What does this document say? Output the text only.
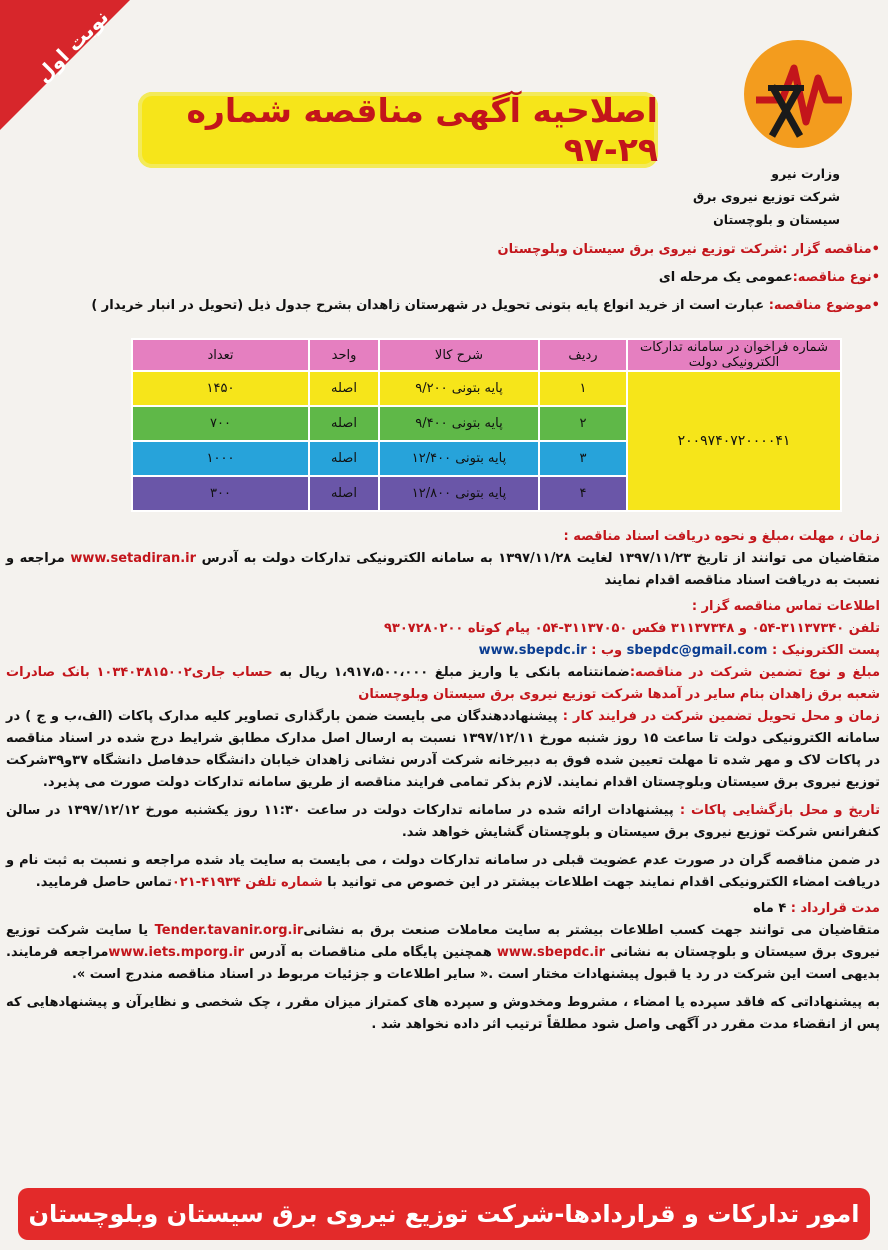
نوبت اول
اصلاحیه آگهی مناقصه شماره ۲۹-۹۷
وزارت نیرو
شرکت توزیع نیروی برق
سیستان و بلوچستان
•مناقصه گزار :شرکت توزیع نیروی برق سیستان وبلوچستان
•نوع مناقصه:عمومی یک مرحله ای
•موضوع مناقصه: عبارت است از خرید انواع پایه بتونی تحویل در شهرستان زاهدان بشرح جدول ذیل (تحویل در انبار خریدار )
شماره فراخوان در سامانه تدارکات الکترونیکی دولت	ردیف	شرح کالا	واحد	تعداد
۲۰۰۹۷۴۰۷۲۰۰۰۰۴۱	۱	پایه بتونی ۹/۲۰۰	اصله	۱۴۵۰
	۲	پایه بتونی ۹/۴۰۰	اصله	۷۰۰
	۳	پایه بتونی ۱۲/۴۰۰	اصله	۱۰۰۰
	۴	پایه بتونی ۱۲/۸۰۰	اصله	۳۰۰
زمان ، مهلت ،مبلغ و نحوه دریافت اسناد مناقصه :
متقاضیان می توانند از تاریخ ۱۳۹۷/۱۱/۲۳ لغایت ۱۳۹۷/۱۱/۲۸ به سامانه الکترونیکی تدارکات دولت به آدرس www.setadiran.ir مراجعه و نسبت به دریافت اسناد مناقصه اقدام نمایند
اطلاعات تماس مناقصه گزار :
تلفن ۳۱۱۳۷۳۴۰-۰۵۴ و ۳۱۱۳۷۳۴۸ فکس ۳۱۱۳۷۰۵۰-۰۵۴ پیام کوتاه ۹۳۰۷۲۸۰۲۰۰
پست الکترونیک : sbepdc@gmail.com وب : www.sbepdc.ir
مبلغ و نوع تضمین شرکت در مناقصه:ضمانتنامه بانکی یا واریز مبلغ ۱،۹۱۷،۵۰۰،۰۰۰ ریال به حساب جاری۱۰۳۴۰۳۸۱۵۰۰۲ بانک صادرات شعبه برق زاهدان بنام سایر در آمدها شرکت توزیع نیروی برق سیستان وبلوچستان
زمان و محل تحویل تضمین شرکت در فرایند کار : پیشنهاددهندگان می بایست ضمن بارگذاری تصاویر کلیه مدارک پاکات (الف،ب و ج ) در سامانه الکترونیکی دولت تا ساعت ۱۵ روز شنبه مورخ ۱۳۹۷/۱۲/۱۱ نسبت به ارسال اصل مدارک مطابق شرایط درج شده در اسناد مناقصه در پاکات لاک و مهر شده تا مهلت تعیین شده فوق به دبیرخانه شرکت آدرس نشانی زاهدان خیابان دانشگاه حدفاصل دانشگاه ۳۷و۳۹شرکت توزیع نیروی برق سیستان وبلوچستان اقدام نمایند. لازم بذکر تمامی فرایند مناقصه از طریق سامانه تدارکات دولت صورت می پذیرد.
تاریخ و محل بازگشایی پاکات : پیشنهادات ارائه شده در سامانه تدارکات دولت در ساعت ۱۱:۳۰ روز یکشنبه مورخ ۱۳۹۷/۱۲/۱۲ در سالن کنفرانس شرکت توزیع نیروی برق سیستان و بلوچستان گشایش خواهد شد.
در ضمن مناقصه گران در صورت عدم عضویت قبلی در سامانه تدارکات دولت ، می بایست به سایت یاد شده مراجعه و نسبت به ثبت نام و دریافت امضاء الکترونیکی اقدام نمایند جهت اطلاعات بیشتر در این خصوص می توانید با شماره تلفن ۴۱۹۳۴-۰۲۱تماس حاصل فرمایید.
مدت قرارداد : ۴ ماه
متقاضیان می توانند جهت کسب اطلاعات بیشتر به سایت معاملات صنعت برق به نشانیTender.tavanir.org.ir یا سایت شرکت توزیع نیروی برق سیستان و بلوچستان به نشانی www.sbepdc.ir همچنین پایگاه ملی مناقصات به آدرس www.iets.mporg.irمراجعه فرمایند. بدیهی است این شرکت در رد یا قبول پیشنهادات مختار است .« سایر اطلاعات و جزئیات مربوط در اسناد مناقصه مندرج است ».
به پیشنهاداتی که فاقد سپرده یا امضاء ، مشروط ومخدوش و سپرده های کمتراز میزان مقرر ، چک شخصی و نظایرآن و پیشنهادهایی که پس از انقضاء مدت مقرر در آگهی واصل شود مطلقاً ترتیب اثر داده نخواهد شد .
امور تدارکات و قراردادها-شرکت توزیع نیروی برق سیستان وبلوچستان
